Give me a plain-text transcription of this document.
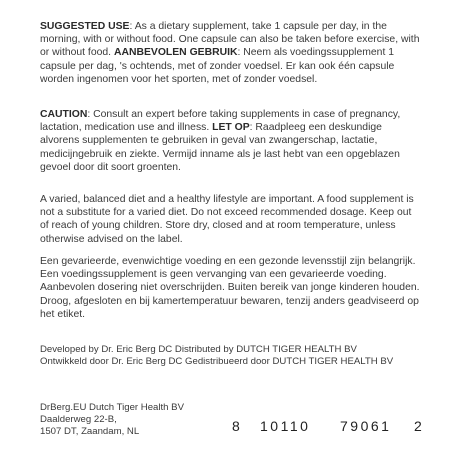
SUGGESTED USE: As a dietary supplement, take 1 capsule per day, in the morning, with or without food. One capsule can also be taken before exercise, with or without food. AANBEVOLEN GEBRUIK: Neem als voedingssupplement 1 capsule per dag, 's ochtends, met of zonder voedsel. Er kan ook één capsule worden ingenomen voor het sporten, met of zonder voedsel.
CAUTION: Consult an expert before taking supplements in case of pregnancy, lactation, medication use and illness. LET OP: Raadpleeg een deskundige alvorens supplementen te gebruiken in geval van zwangerschap, lactatie, medicijngebruik en ziekte. Vermijd inname als je last hebt van een opgeblazen gevoel door dit soort groenten.
A varied, balanced diet and a healthy lifestyle are important. A food supplement is not a substitute for a varied diet. Do not exceed recommended dosage. Keep out of reach of young children. Store dry, closed and at room temperature, unless otherwise advised on the label.
Een gevarieerde, evenwichtige voeding en een gezonde levensstijl zijn belangrijk. Een voedingssupplement is geen vervanging van een gevarieerde voeding. Aanbevolen dosering niet overschrijden. Buiten bereik van jonge kinderen houden. Droog, afgesloten en bij kamertemperatuur bewaren, tenzij anders geadviseerd op het etiket.
Developed by Dr. Eric Berg DC Distributed by DUTCH TIGER HEALTH BV
Ontwikkeld door Dr. Eric Berg DC Gedistribueerd door DUTCH TIGER HEALTH BV
DrBerg.EU Dutch Tiger Health BV
Daalderweg 22-B,
1507 DT, Zaandam, NL	8 10110 79061 2
